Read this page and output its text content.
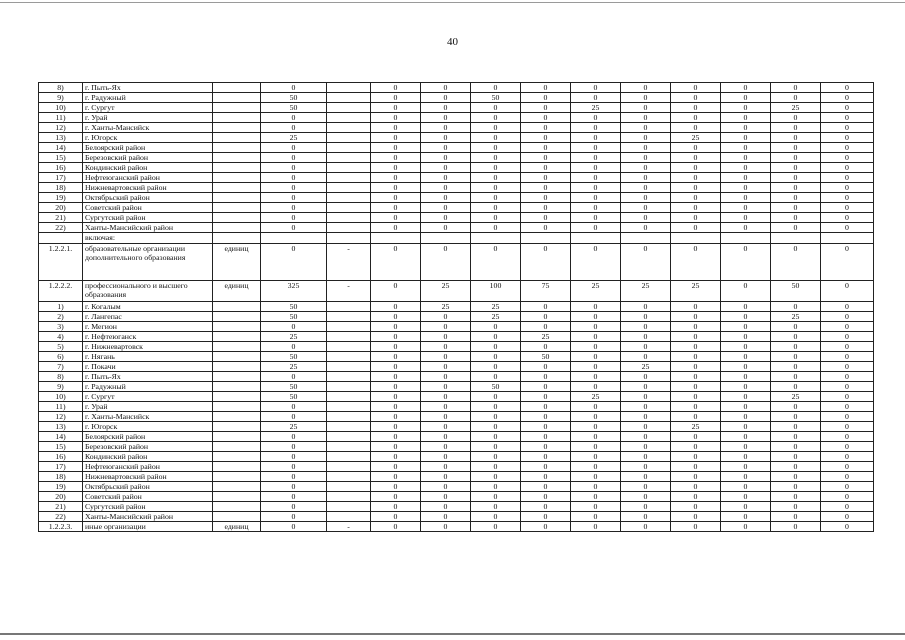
40
8)	г. Пыть-Ях		0		0	0	0	0	0	0	0	0	0	0
9)	г. Радужный		50		0	0	50	0	0	0	0	0	0	0
10)	г. Сургут		50		0	0	0	0	25	0	0	0	25	0
11)	г. Урай		0		0	0	0	0	0	0	0	0	0	0
12)	г. Ханты-Мансийск		0		0	0	0	0	0	0	0	0	0	0
13)	г. Югорск		25		0	0	0	0	0	0	25	0	0	0
14)	Белоярский район		0		0	0	0	0	0	0	0	0	0	0
15)	Березовский район		0		0	0	0	0	0	0	0	0	0	0
16)	Кондинский район		0		0	0	0	0	0	0	0	0	0	0
17)	Нефтеюганский район		0		0	0	0	0	0	0	0	0	0	0
18)	Нижневартовский район		0		0	0	0	0	0	0	0	0	0	0
19)	Октябрьский район		0		0	0	0	0	0	0	0	0	0	0
20)	Советский район		0		0	0	0	0	0	0	0	0	0	0
21)	Сургутский район		0		0	0	0	0	0	0	0	0	0	0
22)	Ханты-Мансийский район		0		0	0	0	0	0	0	0	0	0	0
	включая:													
1.2.2.1.	образовательные организации дополнительного образования	единиц	0	-	0	0	0	0	0	0	0	0	0	0
1.2.2.2.	профессионального и высшего образования	единиц	325	-	0	25	100	75	25	25	25	0	50	0
1)	г. Когалым		50		0	25	25	0	0	0	0	0	0	0
2)	г. Лангепас		50		0	0	25	0	0	0	0	0	25	0
3)	г. Мегион		0		0	0	0	0	0	0	0	0	0	0
4)	г. Нефтеюганск		25		0	0	0	25	0	0	0	0	0	0
5)	г. Нижневартовск		0		0	0	0	0	0	0	0	0	0	0
6)	г. Нягань		50		0	0	0	50	0	0	0	0	0	0
7)	г. Покачи		25		0	0	0	0	0	25	0	0	0	0
8)	г. Пыть-Ях		0		0	0	0	0	0	0	0	0	0	0
9)	г. Радужный		50		0	0	50	0	0	0	0	0	0	0
10)	г. Сургут		50		0	0	0	0	25	0	0	0	25	0
11)	г. Урай		0		0	0	0	0	0	0	0	0	0	0
12)	г. Ханты-Мансийск		0		0	0	0	0	0	0	0	0	0	0
13)	г. Югорск		25		0	0	0	0	0	0	25	0	0	0
14)	Белоярский район		0		0	0	0	0	0	0	0	0	0	0
15)	Березовский район		0		0	0	0	0	0	0	0	0	0	0
16)	Кондинский район		0		0	0	0	0	0	0	0	0	0	0
17)	Нефтеюганский район		0		0	0	0	0	0	0	0	0	0	0
18)	Нижневартовский район		0		0	0	0	0	0	0	0	0	0	0
19)	Октябрьский район		0		0	0	0	0	0	0	0	0	0	0
20)	Советский район		0		0	0	0	0	0	0	0	0	0	0
21)	Сургутский район		0		0	0	0	0	0	0	0	0	0	0
22)	Ханты-Мансийский район		0		0	0	0	0	0	0	0	0	0	0
1.2.2.3.	иные организации	единиц	0	-	0	0	0	0	0	0	0	0	0	0
